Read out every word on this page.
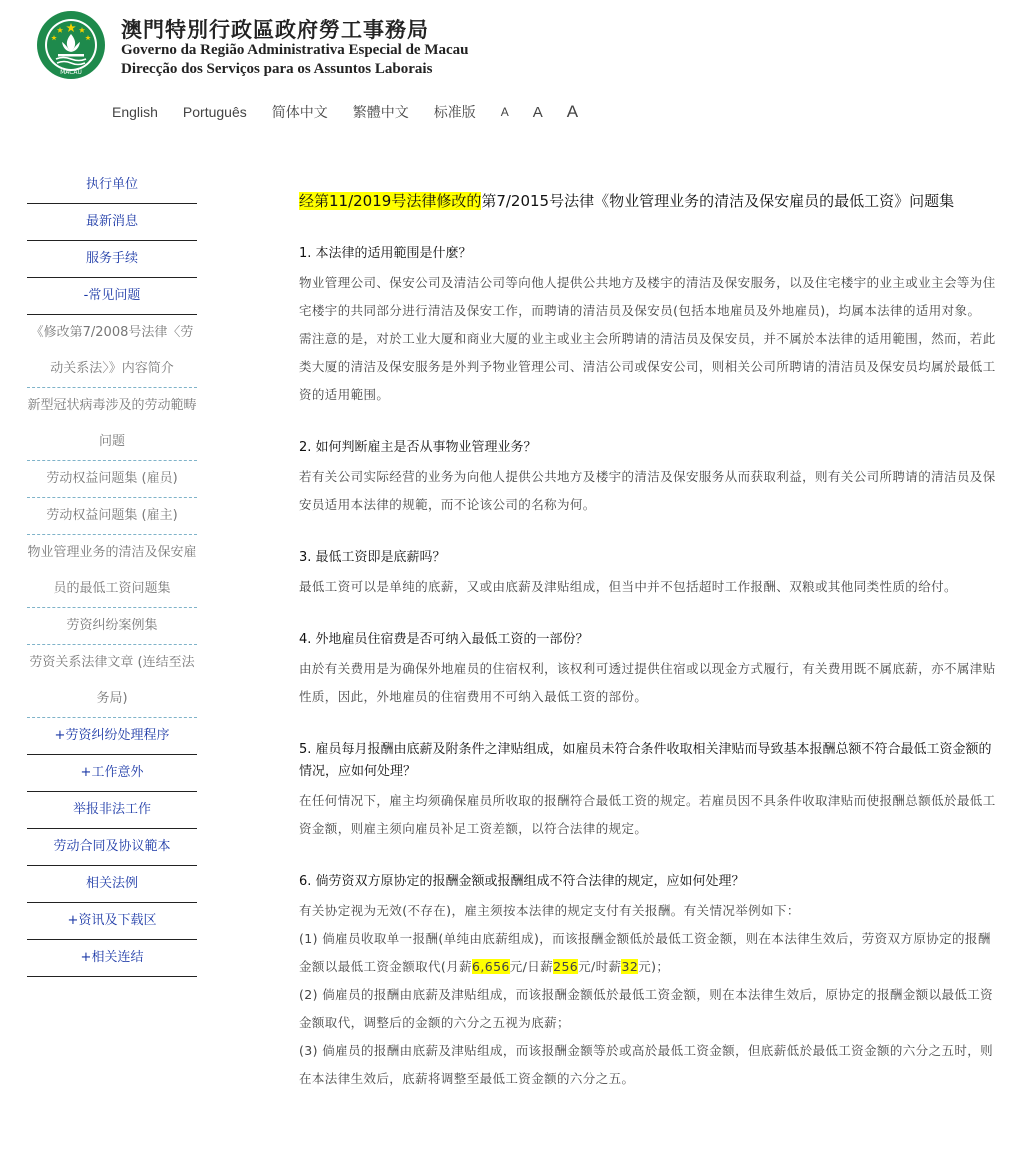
MACAU
澳門特別行政區政府勞工事務局
Governo da Região Administrativa Especial de Macau
Direcção dos Serviços para os Assuntos Laborais
English Português 简体中文 繁體中文 标准版 A A A
执行单位
最新消息
服务手续
-常见问题
《修改第7/2008号法律〈劳动关系法〉》内容简介
新型冠状病毒涉及的劳动範畴问题
劳动权益问题集 (雇员)
劳动权益问题集 (雇主)
物业管理业务的清洁及保安雇员的最低工资问题集
劳资纠纷案例集
劳资关系法律文章 (连结至法务局)
+劳资纠纷处理程序
+工作意外
举报非法工作
劳动合同及协议範本
相关法例
+资讯及下载区
+相关连结
经第11/2019号法律修改的第7/2015号法律《物业管理业务的清洁及保安雇员的最低工资》问题集

1. 本法律的适用範围是什麼？

物业管理公司、保安公司及清洁公司等向他人提供公共地方及楼宇的清洁及保安服务，以及住宅楼宇的业主或业主会等为住宅楼宇的共同部分进行清洁及保安工作，而聘请的清洁员及保安员(包括本地雇员及外地雇员)，均属本法律的适用对象。

需注意的是，对於工业大厦和商业大厦的业主或业主会所聘请的清洁员及保安员，并不属於本法律的适用範围，然而，若此类大厦的清洁及保安服务是外判予物业管理公司、清洁公司或保安公司，则相关公司所聘请的清洁员及保安员均属於最低工资的适用範围。

2. 如何判断雇主是否从事物业管理业务？

若有关公司实际经营的业务为向他人提供公共地方及楼宇的清洁及保安服务从而获取利益，则有关公司所聘请的清洁员及保安员适用本法律的规範，而不论该公司的名称为何。

3. 最低工资即是底薪吗？

最低工资可以是单纯的底薪，又或由底薪及津贴组成，但当中并不包括超时工作报酬、双粮或其他同类性质的给付。

4. 外地雇员住宿费是否可纳入最低工资的一部份？

由於有关费用是为确保外地雇员的住宿权利，该权利可透过提供住宿或以现金方式履行，有关费用既不属底薪，亦不属津贴性质，因此，外地雇员的住宿费用不可纳入最低工资的部份。

5. 雇员每月报酬由底薪及附条件之津贴组成，如雇员未符合条件收取相关津贴而导致基本报酬总额不符合最低工资金额的情况，应如何处理？

在任何情况下，雇主均须确保雇员所收取的报酬符合最低工资的规定。若雇员因不具条件收取津贴而使报酬总额低於最低工资金额，则雇主须向雇员补足工资差额，以符合法律的规定。

6. 倘劳资双方原协定的报酬金额或报酬组成不符合法律的规定，应如何处理？

有关协定视为无效(不存在)，雇主须按本法律的规定支付有关报酬。有关情况举例如下：

(1) 倘雇员收取单一报酬(单纯由底薪组成)，而该报酬金额低於最低工资金额，则在本法律生效后，劳资双方原协定的报酬金额以最低工资金额取代(月薪6,656元/日薪256元/时薪32元)；

(2) 倘雇员的报酬由底薪及津贴组成，而该报酬金额低於最低工资金额，则在本法律生效后，原协定的报酬金额以最低工资金额取代，调整后的金额的六分之五视为底薪；

(3) 倘雇员的报酬由底薪及津贴组成，而该报酬金额等於或高於最低工资金额，但底薪低於最低工资金额的六分之五时，则在本法律生效后，底薪将调整至最低工资金额的六分之五。
